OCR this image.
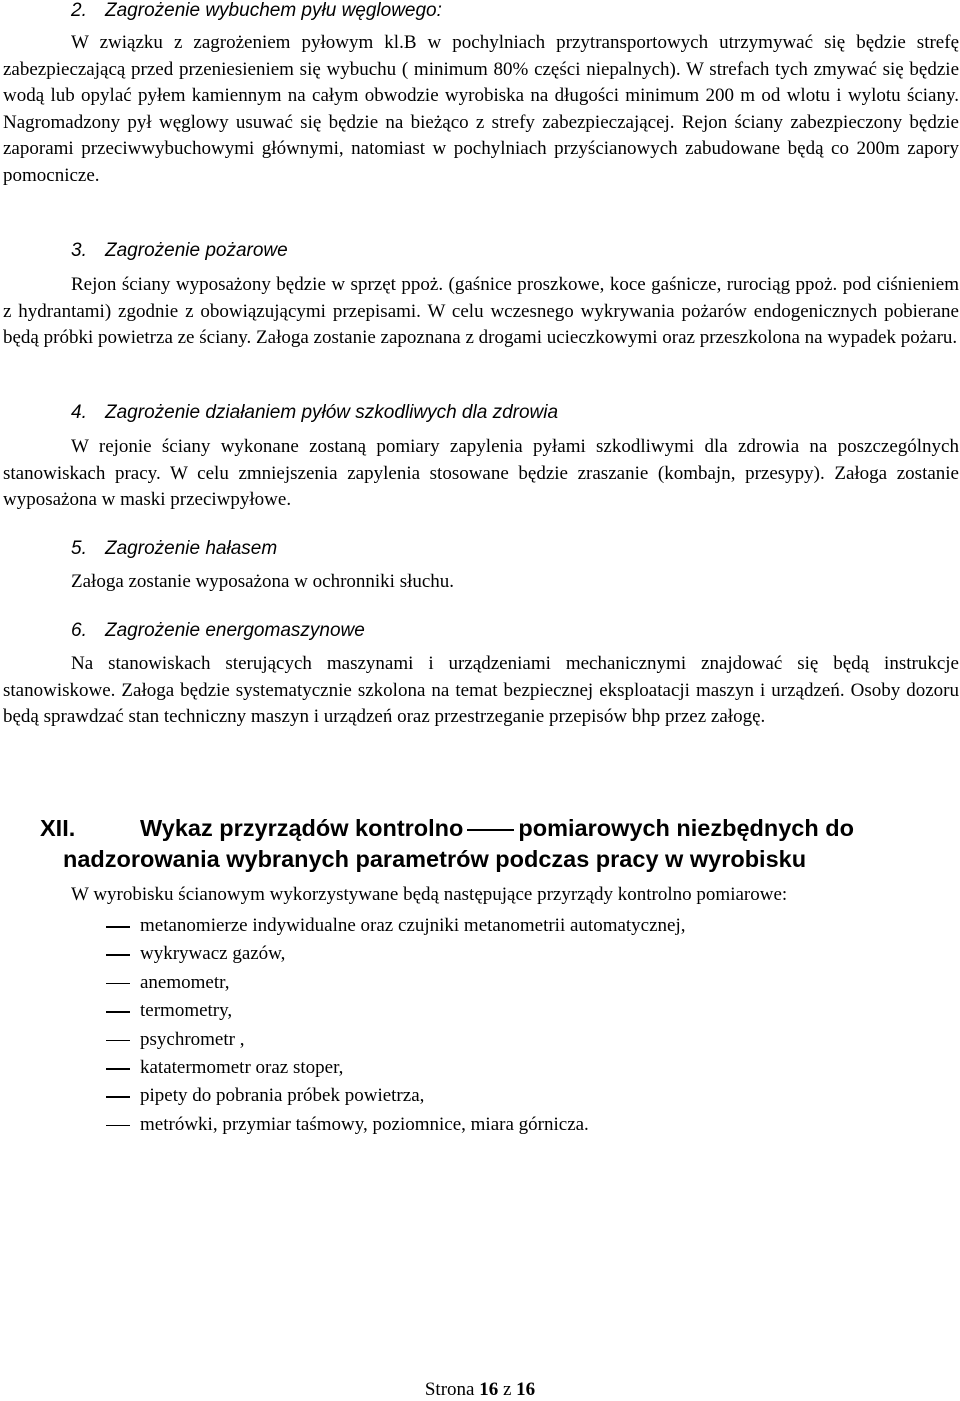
2. Zagrożenie wybuchem pyłu węglowego:
W związku z zagrożeniem pyłowym kl.B w pochylniach przytransportowych utrzymywać się będzie strefę zabezpieczającą przed przeniesieniem się wybuchu ( minimum 80% części niepalnych). W strefach tych zmywać się będzie wodą lub opylać pyłem kamiennym na całym obwodzie wyrobiska na długości minimum 200 m od wlotu i wylotu ściany. Nagromadzony pył węglowy usuwać się będzie na bieżąco z strefy zabezpieczającej. Rejon ściany zabezpieczony będzie zaporami przeciwwybuchowymi głównymi, natomiast w pochylniach przyścianowych zabudowane będą co 200m zapory pomocnicze.
3. Zagrożenie pożarowe
Rejon ściany wyposażony będzie w sprzęt ppoż. (gaśnice proszkowe, koce gaśnicze, rurociąg ppoż. pod ciśnieniem z hydrantami) zgodnie z obowiązującymi przepisami. W celu wczesnego wykrywania pożarów endogenicznych pobierane będą próbki powietrza ze ściany. Załoga zostanie zapoznana z drogami ucieczkowymi oraz przeszkolona na wypadek pożaru.
4. Zagrożenie działaniem pyłów szkodliwych dla zdrowia
W rejonie ściany wykonane zostaną pomiary zapylenia pyłami szkodliwymi dla zdrowia na poszczególnych stanowiskach pracy. W celu zmniejszenia zapylenia stosowane będzie zraszanie (kombajn, przesypy). Załoga zostanie wyposażona w maski przeciwpyłowe.
5. Zagrożenie hałasem
Załoga zostanie wyposażona w ochronniki słuchu.
6. Zagrożenie energomaszynowe
Na stanowiskach sterujących maszynami i urządzeniami mechanicznymi znajdować się będą instrukcje stanowiskowe. Załoga będzie systematycznie szkolona na temat bezpiecznej eksploatacji maszyn i urządzeń. Osoby dozoru będą sprawdzać stan techniczny maszyn i urządzeń oraz przestrzeganie przepisów bhp przez załogę.
XII.	Wykaz przyrządów kontrolno pomiarowych niezbędnych do
nadzorowania wybranych parametrów podczas pracy w wyrobisku
W wyrobisku ścianowym wykorzystywane będą następujące przyrządy kontrolno pomiarowe:
metanomierze indywidualne oraz czujniki metanometrii automatycznej,
wykrywacz gazów,
anemometr,
termometry,
psychrometr ,
katatermometr oraz stoper,
pipety do pobrania próbek powietrza,
metrówki, przymiar taśmowy, poziomnice, miara górnicza.
Strona 16 z 16
